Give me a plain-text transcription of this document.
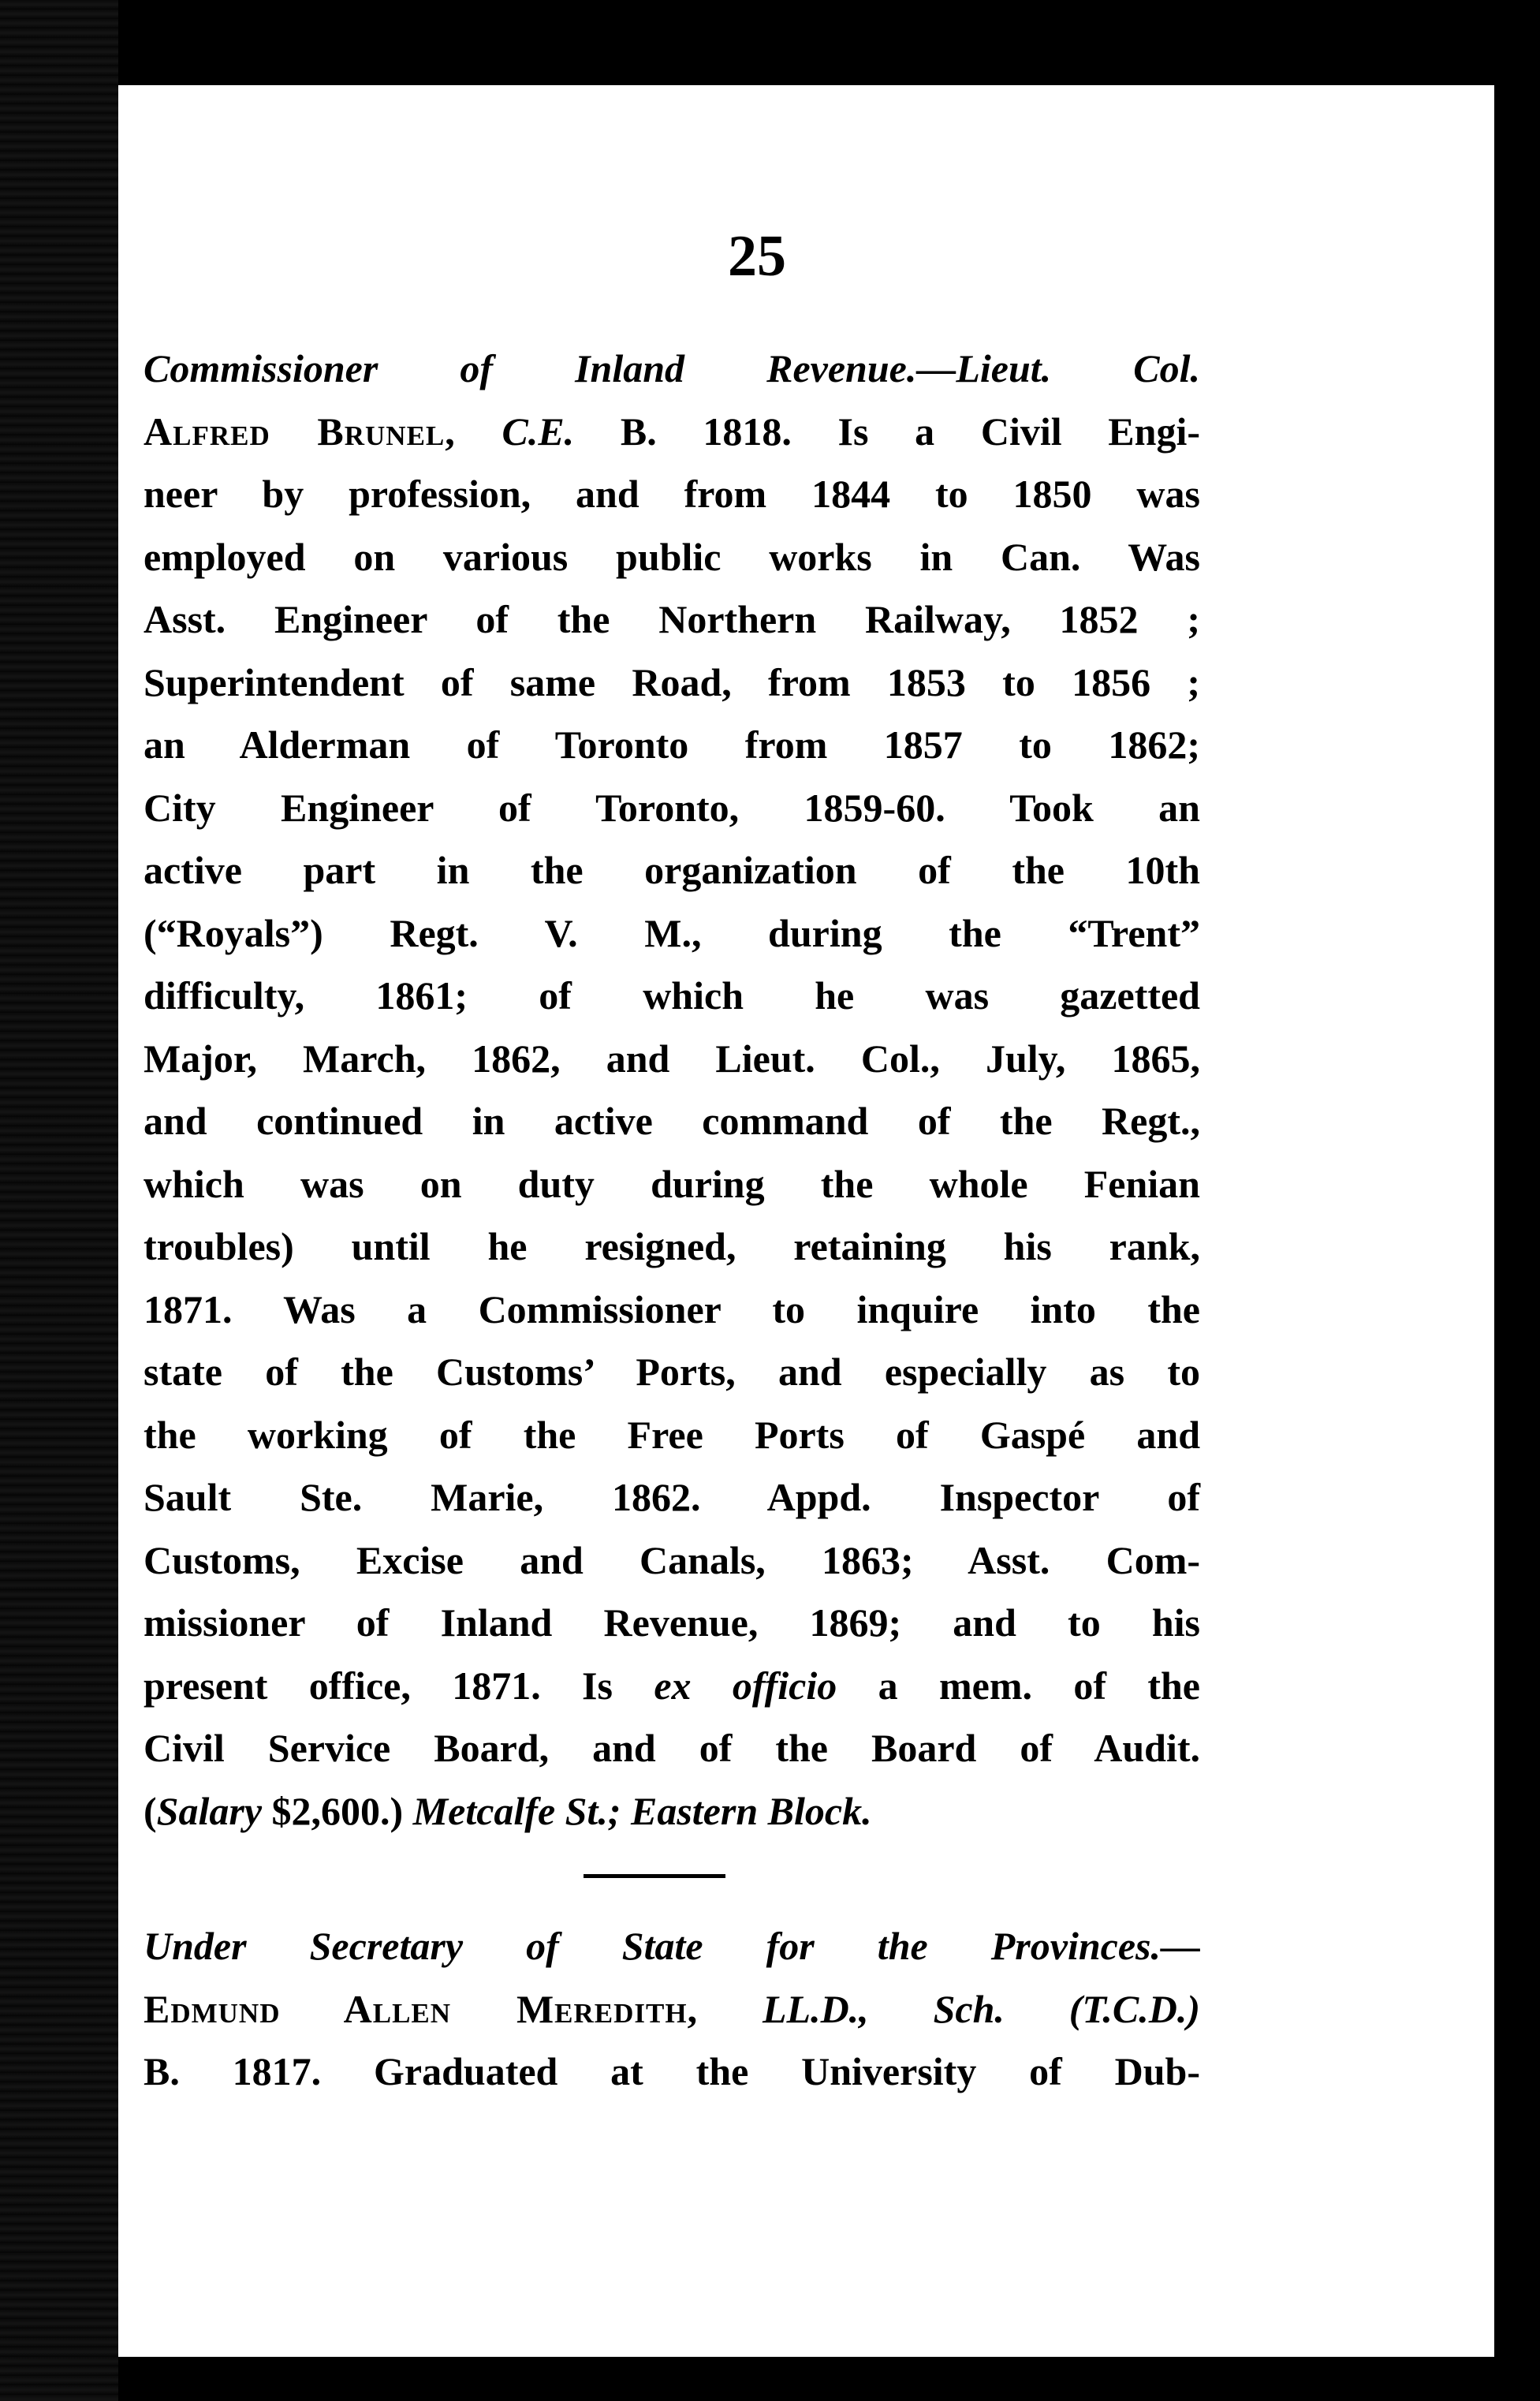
25
Commissioner of Inland Revenue.—Lieut. Col.
Alfred Brunel, C.E. B. 1818. Is a Civil Engi-
neer by profession, and from 1844 to 1850 was
employed on various public works in Can. Was
Asst. Engineer of the Northern Railway, 1852 ;
Superintendent of same Road, from 1853 to 1856 ;
an Alderman of Toronto from 1857 to 1862;
City Engineer of Toronto, 1859-60. Took an
active part in the organization of the 10th
(“Royals”) Regt. V. M., during the “Trent”
difficulty, 1861; of which he was gazetted
Major, March, 1862, and Lieut. Col., July, 1865,
and continued in active command of the Regt.,
which was on duty during the whole Fenian
troubles) until he resigned, retaining his rank,
1871. Was a Commissioner to inquire into the
state of the Customs’ Ports, and especially as to
the working of the Free Ports of Gaspé and
Sault Ste. Marie, 1862. Appd. Inspector of
Customs, Excise and Canals, 1863; Asst. Com-
missioner of Inland Revenue, 1869; and to his
present office, 1871. Is ex officio a mem. of the
Civil Service Board, and of the Board of Audit.
(Salary $2,600.) Metcalfe St.; Eastern Block.
Under Secretary of State for the Provinces.—
Edmund Allen Meredith, LL.D., Sch. (T.C.D.)
B. 1817. Graduated at the University of Dub-
